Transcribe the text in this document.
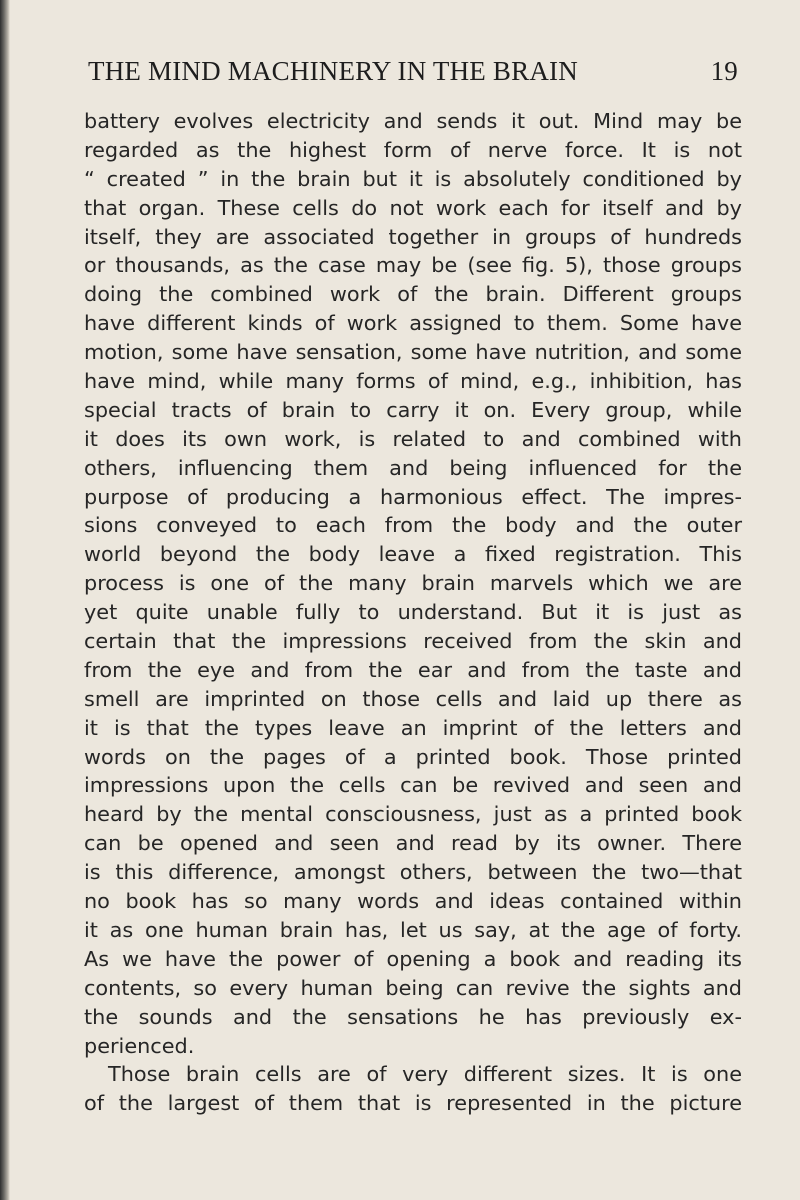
THE MIND MACHINERY IN THE BRAIN	19
battery evolves electricity and sends it out. Mind may be
regarded as the highest form of nerve force. It is not
“ created ” in the brain but it is absolutely conditioned by
that organ. These cells do not work each for itself and by
itself, they are associated together in groups of hundreds
or thousands, as the case may be (see fig. 5), those groups
doing the combined work of the brain. Different groups
have different kinds of work assigned to them. Some have
motion, some have sensation, some have nutrition, and some
have mind, while many forms of mind, e.g., inhibition, has
special tracts of brain to carry it on. Every group, while
it does its own work, is related to and combined with
others, influencing them and being influenced for the
purpose of producing a harmonious effect. The impres-
sions conveyed to each from the body and the outer
world beyond the body leave a fixed registration. This
process is one of the many brain marvels which we are
yet quite unable fully to understand. But it is just as
certain that the impressions received from the skin and
from the eye and from the ear and from the taste and
smell are imprinted on those cells and laid up there as
it is that the types leave an imprint of the letters and
words on the pages of a printed book. Those printed
impressions upon the cells can be revived and seen and
heard by the mental consciousness, just as a printed book
can be opened and seen and read by its owner. There
is this difference, amongst others, between the two—that
no book has so many words and ideas contained within
it as one human brain has, let us say, at the age of forty.
As we have the power of opening a book and reading its
contents, so every human being can revive the sights and
the sounds and the sensations he has previously ex-
perienced.
Those brain cells are of very different sizes. It is one
of the largest of them that is represented in the picture
